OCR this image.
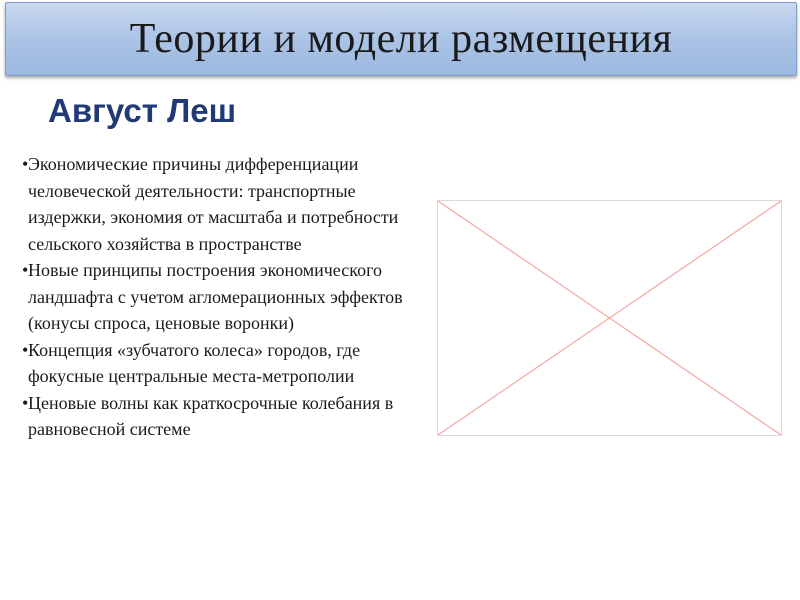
Теории и модели размещения
Август Леш
• Экономические причины дифференциации человеческой деятельности: транспортные издержки, экономия от масштаба и потребности сельского хозяйства в пространстве
• Новые принципы построения экономического ландшафта с учетом агломерационных эффектов (конусы спроса, ценовые воронки)
• Концепция «зубчатого колеса» городов, где фокусные центральные места-метрополии
• Ценовые волны как краткосрочные колебания в равновесной системе
